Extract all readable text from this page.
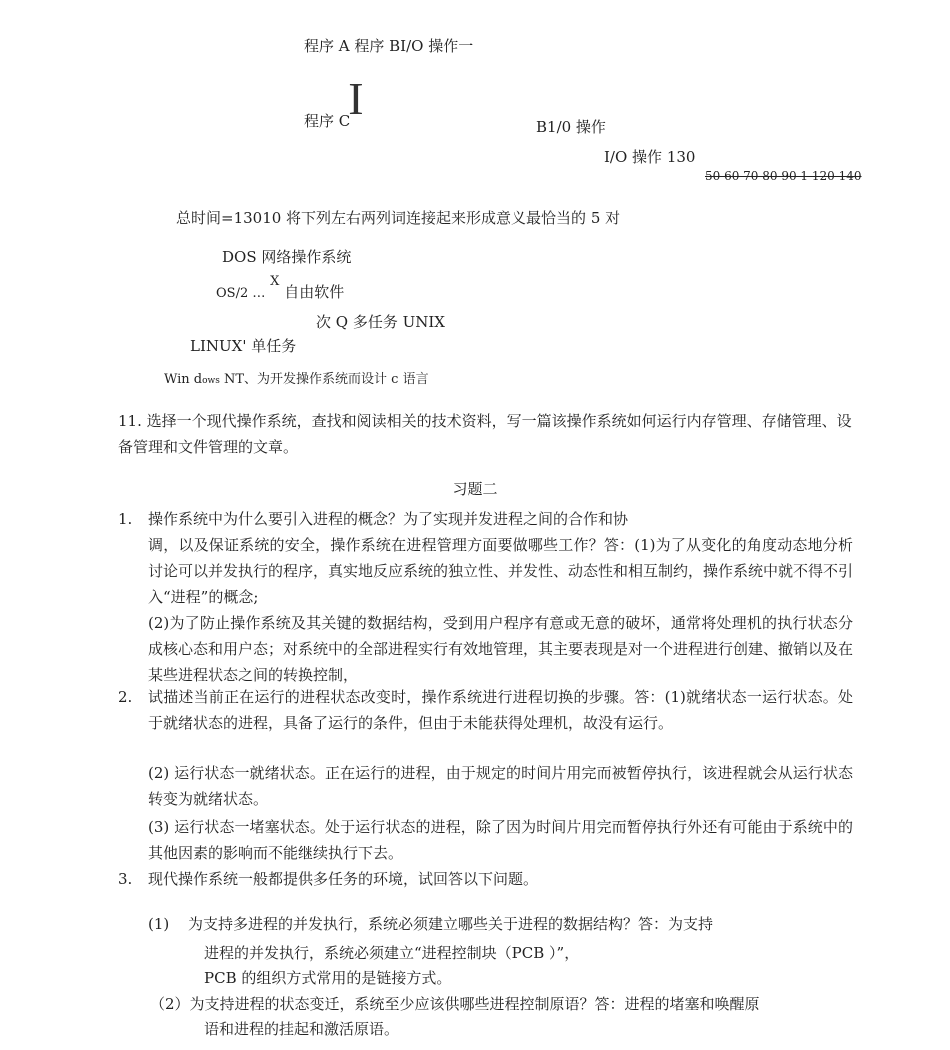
程序 A 程序 BI/O 操作一
程序 CI
B1/0 操作
I/O 操作 130
50 60 70 80 90 1 120 140
总时间=13010 将下列左右两列词连接起来形成意义最恰当的 5 对
DOS 网络操作系统
OS/2 … $^X$ 自由软件
次 Q 多任务 UNIX
LINUX' 单任务
Win dows NT、为开发操作系统而设计 c 语言
11. 选择一个现代操作系统，查找和阅读相关的技术资料，写一篇该操作系统如何运行内存管理、存储管理、设备管理和文件管理的文章。
习题二
1.	操作系统中为什么要引入进程的概念？为了实现并发进程之间的合作和协
调，以及保证系统的安全，操作系统在进程管理方面要做哪些工作？答：(1)为了从变化的角度动态地分析讨论可以并发执行的程序，真实地反应系统的独立性、并发性、动态性和相互制约，操作系统中就不得不引入“进程”的概念;
(2)为了防止操作系统及其关键的数据结构，受到用户程序有意或无意的破坏，通常将处理机的执行状态分成核心态和用户态；对系统中的全部进程实行有效地管理，其主要表现是对一个进程进行创建、撤销以及在某些进程状态之间的转换控制，
2.	试描述当前正在运行的进程状态改变时，操作系统进行进程切换的步骤。答：(1)就绪状态一运行状态。处于就绪状态的进程，具备了运行的条件，但由于未能获得处理机，故没有运行。
(2) 运行状态一就绪状态。正在运行的进程，由于规定的时间片用完而被暂停执行，该进程就会从运行状态转变为就绪状态。
(3) 运行状态一堵塞状态。处于运行状态的进程，除了因为时间片用完而暂停执行外还有可能由于系统中的其他因素的影响而不能继续执行下去。
3.	现代操作系统一般都提供多任务的环境，试回答以下问题。
(1) 为支持多进程的并发执行，系统必须建立哪些关于进程的数据结构？答：为支持
进程的并发执行，系统必须建立“进程控制块（PCB ）”，
PCB 的组织方式常用的是链接方式。
（2）为支持进程的状态变迁，系统至少应该供哪些进程控制原语？答：进程的堵塞和唤醒原
语和进程的挂起和激活原语。
